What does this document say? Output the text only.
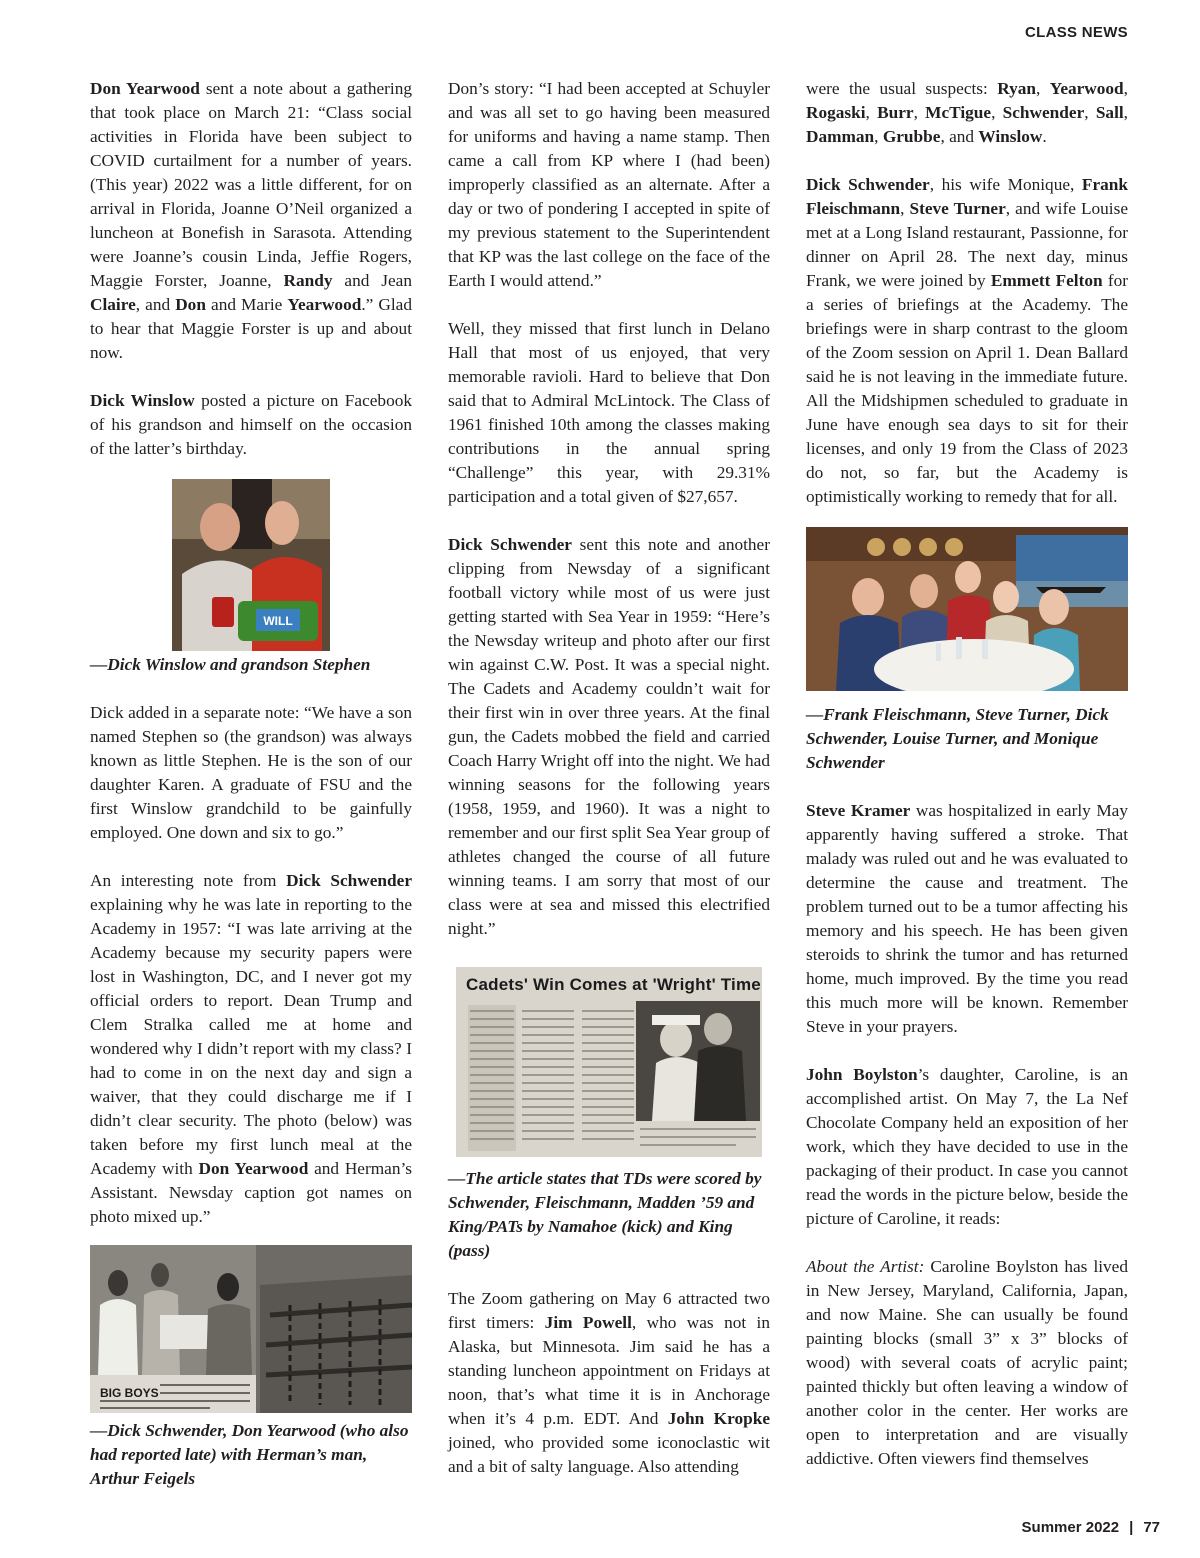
CLASS NEWS

Don Yearwood sent a note about a gathering that took place on March 21: “Class social activities in Florida have been subject to COVID curtailment for a number of years. (This year) 2022 was a little different, for on arrival in Florida, Joanne O’Neil organized a luncheon at Bonefish in Sarasota. Attending were Joanne’s cousin Linda, Jeffie Rogers, Maggie Forster, Joanne, Randy and Jean Claire, and Don and Marie Yearwood.” Glad to hear that Maggie Forster is up and about now.

Dick Winslow posted a picture on Facebook of his grandson and himself on the occasion of the latter’s birthday.

WILL

—Dick Winslow and grandson Stephen

Dick added in a separate note: “We have a son named Stephen so (the grandson) was always known as little Stephen. He is the son of our daughter Karen. A graduate of FSU and the first Winslow grandchild to be gainfully employed. One down and six to go.”

An interesting note from Dick Schwender explaining why he was late in reporting to the Academy in 1957: “I was late arriving at the Academy because my security papers were lost in Washington, DC, and I never got my official orders to report. Dean Trump and Clem Stralka called me at home and wondered why I didn’t report with my class? I had to come in on the next day and sign a waiver, that they could discharge me if I didn’t clear security. The photo (below) was taken before my first lunch meal at the Academy with Don Yearwood and Herman’s Assistant. Newsday caption got names on photo mixed up.”

BIG BOYS

—Dick Schwender, Don Yearwood (who also had reported late) with Herman’s man, Arthur Feigels

Don’s story: “I had been accepted at Schuyler and was all set to go having been measured for uniforms and having a name stamp. Then came a call from KP where I (had been) improperly classified as an alternate. After a day or two of pondering I accepted in spite of my previous statement to the Superintendent that KP was the last college on the face of the Earth I would attend.”

Well, they missed that first lunch in Delano Hall that most of us enjoyed, that very memorable ravioli. Hard to believe that Don said that to Admiral McLintock. The Class of 1961 finished 10th among the classes making contributions in the annual spring “Challenge” this year, with 29.31% participation and a total given of $27,657.

Dick Schwender sent this note and another clipping from Newsday of a significant football victory while most of us were just getting started with Sea Year in 1959: “Here’s the Newsday writeup and photo after our first win against C.W. Post. It was a special night. The Cadets and Academy couldn’t wait for their first win in over three years. At the final gun, the Cadets mobbed the field and carried Coach Harry Wright off into the night. We had winning seasons for the following years (1958, 1959, and 1960). It was a night to remember and our first split Sea Year group of athletes changed the course of all future winning teams. I am sorry that most of our class were at sea and missed this electrified night.”

Cadets' Win Comes at 'Wright' Time

—The article states that TDs were scored by Schwender, Fleischmann, Madden ’59 and King/PATs by Namahoe (kick) and King (pass)

The Zoom gathering on May 6 attracted two first timers: Jim Powell, who was not in Alaska, but Minnesota. Jim said he has a standing luncheon appointment on Fridays at noon, that’s what time it is in Anchorage when it’s 4 p.m. EDT. And John Kropke joined, who provided some iconoclastic wit and a bit of salty language. Also attending

were the usual suspects: Ryan, Yearwood, Rogaski, Burr, McTigue, Schwender, Sall, Damman, Grubbe, and Winslow.

Dick Schwender, his wife Monique, Frank Fleischmann, Steve Turner, and wife Louise met at a Long Island restaurant, Passionne, for dinner on April 28. The next day, minus Frank, we were joined by Emmett Felton for a series of briefings at the Academy. The briefings were in sharp contrast to the gloom of the Zoom session on April 1. Dean Ballard said he is not leaving in the immediate future. All the Midshipmen scheduled to graduate in June have enough sea days to sit for their licenses, and only 19 from the Class of 2023 do not, so far, but the Academy is optimistically working to remedy that for all.

—Frank Fleischmann, Steve Turner, Dick Schwender, Louise Turner, and Monique Schwender

Steve Kramer was hospitalized in early May apparently having suffered a stroke. That malady was ruled out and he was evaluated to determine the cause and treatment. The problem turned out to be a tumor affecting his memory and his speech. He has been given steroids to shrink the tumor and has returned home, much improved. By the time you read this much more will be known. Remember Steve in your prayers.

John Boylston’s daughter, Caroline, is an accomplished artist. On May 7, the La Nef Chocolate Company held an exposition of her work, which they have decided to use in the packaging of their product. In case you cannot read the words in the picture below, beside the picture of Caroline, it reads:

About the Artist: Caroline Boylston has lived in New Jersey, Maryland, California, Japan, and now Maine. She can usually be found painting blocks (small 3” x 3” blocks of wood) with several coats of acrylic paint; painted thickly but often leaving a window of another color in the center. Her works are open to interpretation and are visually addictive. Often viewers find themselves

Summer 2022 | 77
